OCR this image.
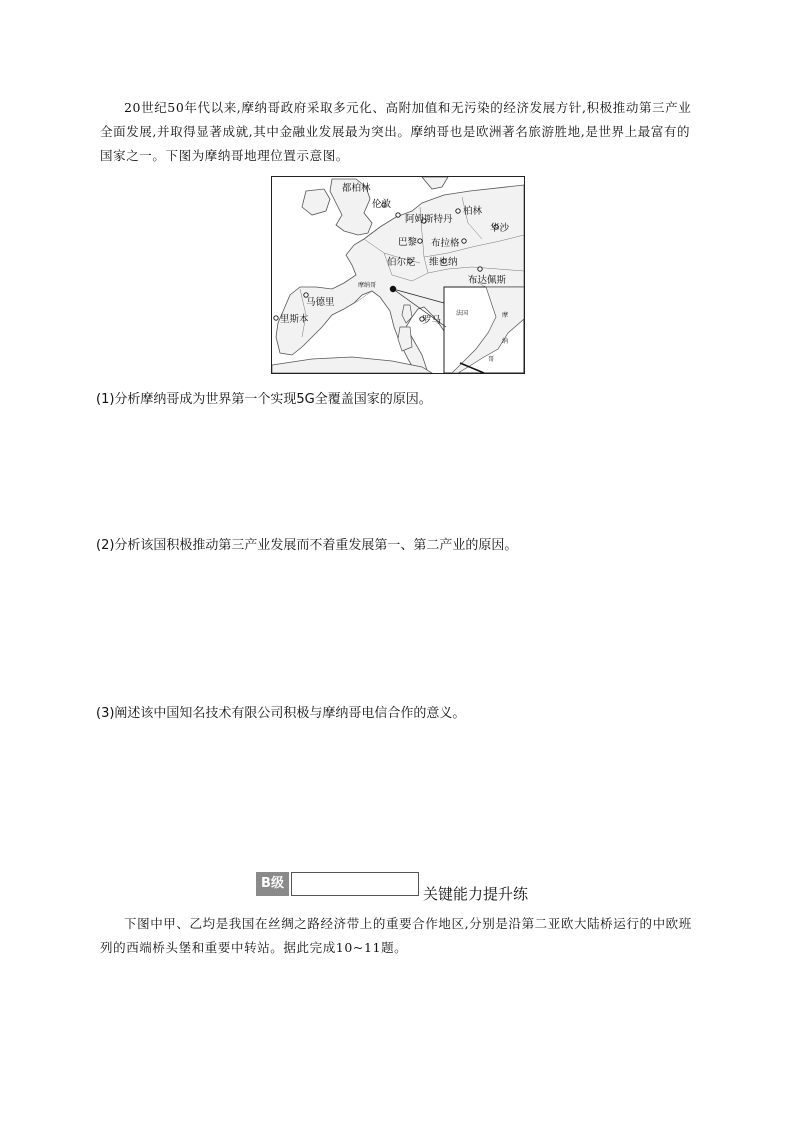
20世纪50年代以来,摩纳哥政府采取多元化、高附加值和无污染的经济发展方针,积极推动第三产业全面发展,并取得显著成就,其中金融业发展最为突出。摩纳哥也是欧洲著名旅游胜地,是世界上最富有的国家之一。下图为摩纳哥地理位置示意图。

都柏林
伦敦
阿姆斯特丹
柏林
华沙
巴黎 布拉格
伯尔尼 维也纳
布达佩斯
摩纳哥
马德里
里斯本	罗马
法国	摩
纳
哥

(1)分析摩纳哥成为世界第一个实现5G全覆盖国家的原因。

(2)分析该国积极推动第三产业发展而不着重发展第一、第二产业的原因。

(3)阐述该中国知名技术有限公司积极与摩纳哥电信合作的意义。

B级
关键能力提升练

下图中甲、乙均是我国在丝绸之路经济带上的重要合作地区,分别是沿第二亚欧大陆桥运行的中欧班列的西端桥头堡和重要中转站。据此完成10~11题。
